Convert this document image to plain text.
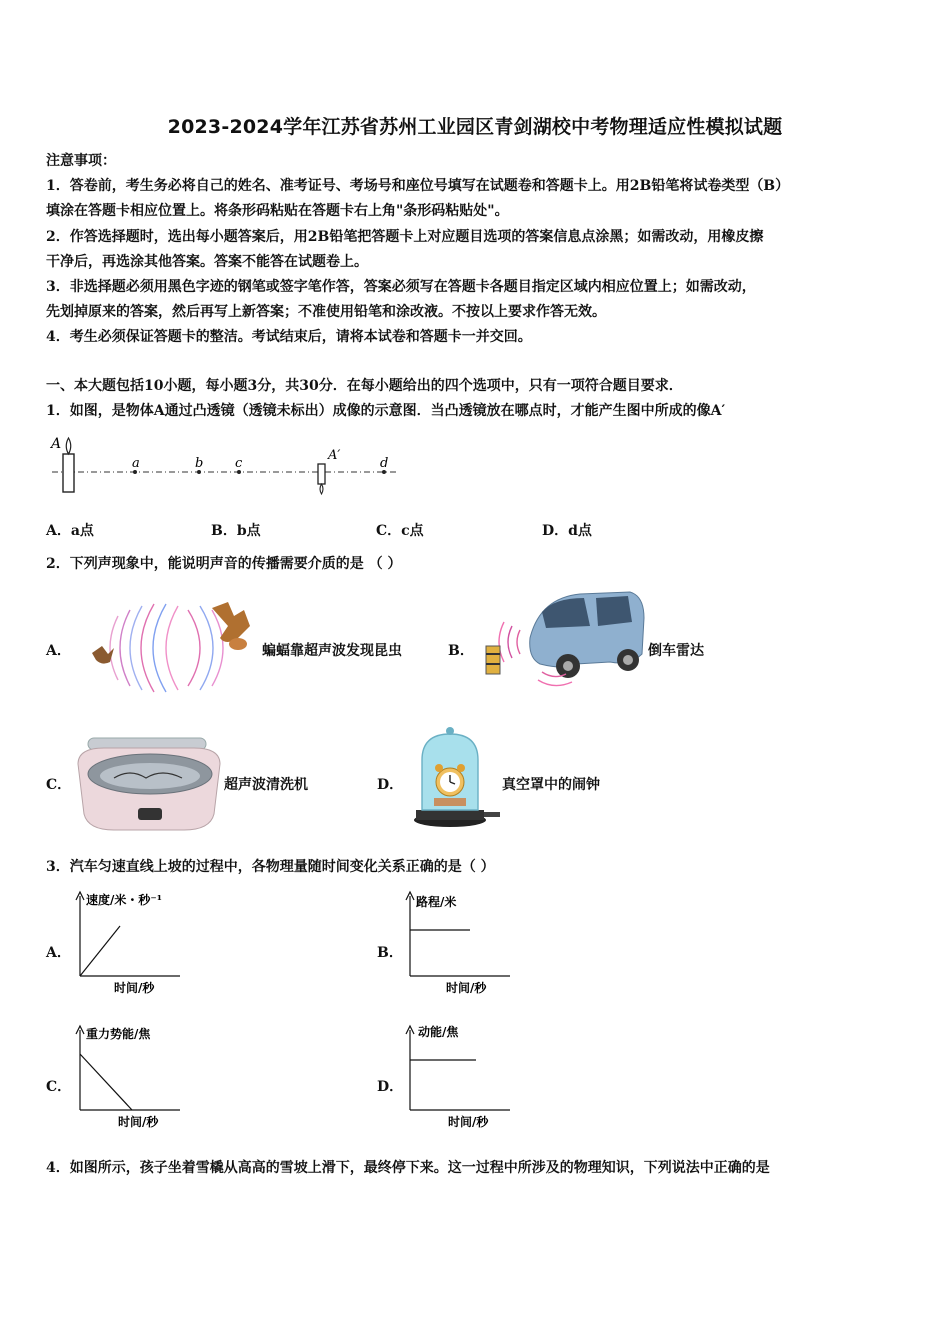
2023-2024学年江苏省苏州工业园区青剑湖校中考物理适应性模拟试题
注意事项：
1．答卷前，考生务必将自己的姓名、准考证号、考场号和座位号填写在试题卷和答题卡上。用2B铅笔将试卷类型（B）
填涂在答题卡相应位置上。将条形码粘贴在答题卡右上角"条形码粘贴处"。
2．作答选择题时，选出每小题答案后，用2B铅笔把答题卡上对应题目选项的答案信息点涂黑；如需改动，用橡皮擦
干净后，再选涂其他答案。答案不能答在试题卷上。
3．非选择题必须用黑色字迹的钢笔或签字笔作答，答案必须写在答题卡各题目指定区域内相应位置上；如需改动，
先划掉原来的答案，然后再写上新答案；不准使用铅笔和涂改液。不按以上要求作答无效。
4．考生必须保证答题卡的整洁。考试结束后，请将本试卷和答题卡一并交回。
一、本大题包括10小题，每小题3分，共30分．在每小题给出的四个选项中，只有一项符合题目要求．
1．如图，是物体A通过凸透镜（透镜未标出）成像的示意图．当凸透镜放在哪点时，才能产生图中所成的像A′
A
a	b c
A′
d
A．a点	B．b点	C．c点	D．d点
2．下列声现象中，能说明声音的传播需要介质的是 （ ）
A．	蝙蝠靠超声波发现昆虫	B．	倒车雷达
C．	超声波清洗机	D．	真空罩中的闹钟
3．汽车匀速直线上坡的过程中，各物理量随时间变化关系正确的是（ ）
A．
速度/米・秒⁻¹
时间/秒
B．
路程/米
时间/秒
C．
重力势能/焦
时间/秒
D．
动能/焦
时间/秒
4．如图所示，孩子坐着雪橇从高高的雪坡上滑下，最终停下来。这一过程中所涉及的物理知识，下列说法中正确的是
